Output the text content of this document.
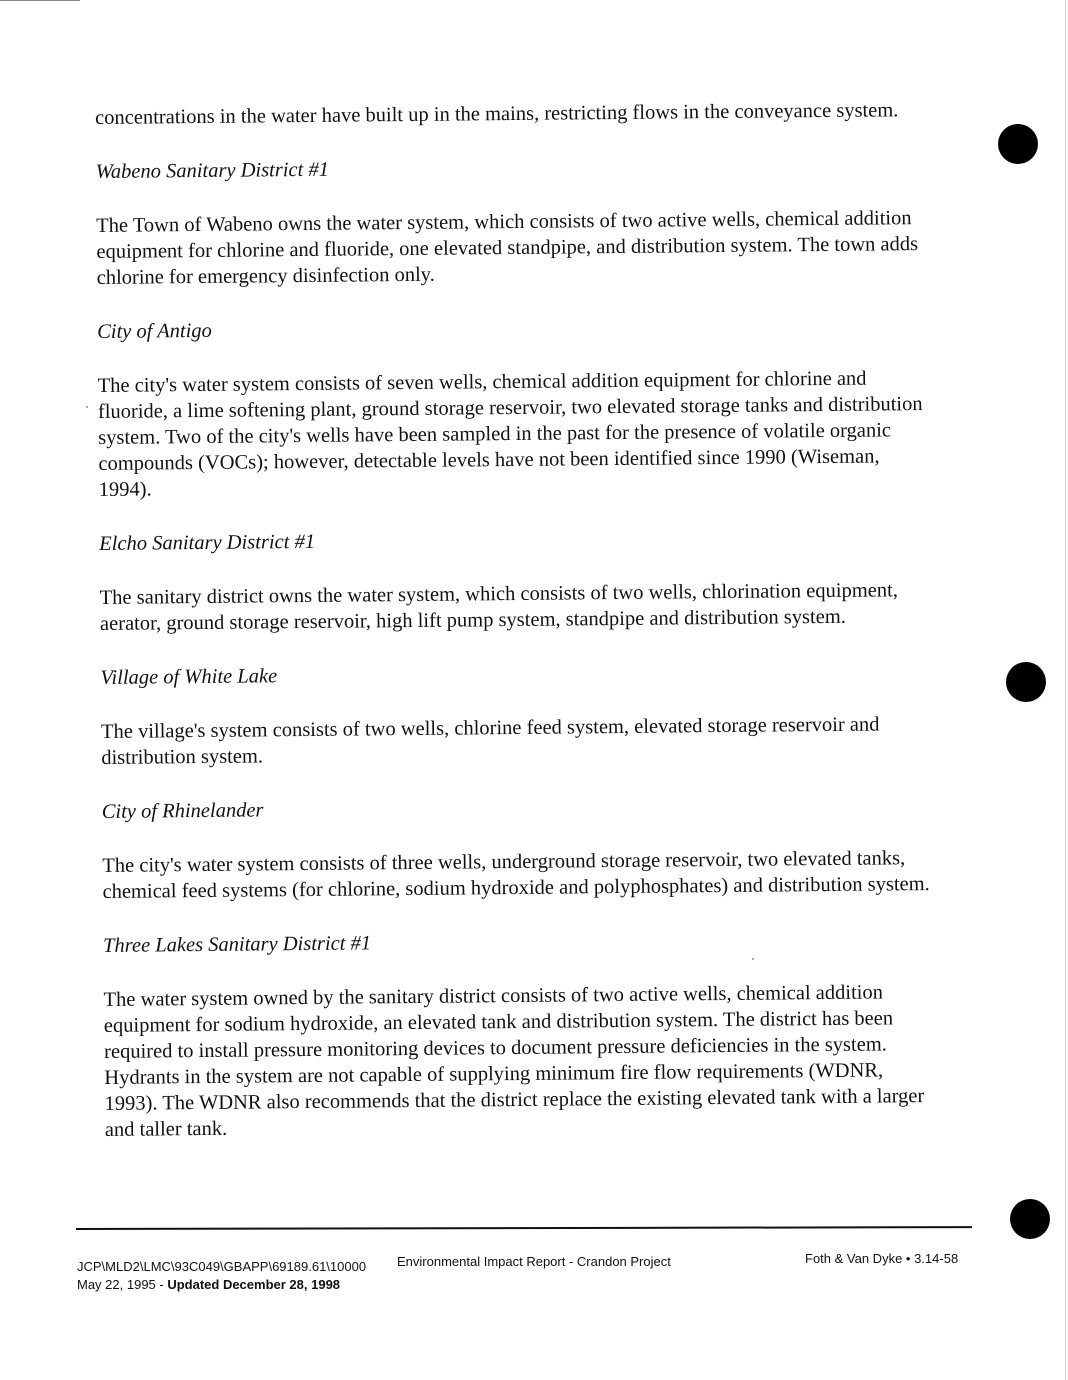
concentrations in the water have built up in the mains, restricting flows in the conveyance system.

Wabeno Sanitary District #1

The Town of Wabeno owns the water system, which consists of two active wells, chemical addition equipment for chlorine and fluoride, one elevated standpipe, and distribution system. The town adds chlorine for emergency disinfection only.

City of Antigo

The city's water system consists of seven wells, chemical addition equipment for chlorine and fluoride, a lime softening plant, ground storage reservoir, two elevated storage tanks and distribution system. Two of the city's wells have been sampled in the past for the presence of volatile organic compounds (VOCs); however, detectable levels have not been identified since 1990 (Wiseman, 1994).

Elcho Sanitary District #1

The sanitary district owns the water system, which consists of two wells, chlorination equipment, aerator, ground storage reservoir, high lift pump system, standpipe and distribution system.

Village of White Lake

The village's system consists of two wells, chlorine feed system, elevated storage reservoir and distribution system.

City of Rhinelander

The city's water system consists of three wells, underground storage reservoir, two elevated tanks, chemical feed systems (for chlorine, sodium hydroxide and polyphosphates) and distribution system.

Three Lakes Sanitary District #1

The water system owned by the sanitary district consists of two active wells, chemical addition equipment for sodium hydroxide, an elevated tank and distribution system. The district has been required to install pressure monitoring devices to document pressure deficiencies in the system. Hydrants in the system are not capable of supplying minimum fire flow requirements (WDNR, 1993). The WDNR also recommends that the district replace the existing elevated tank with a larger and taller tank.

JCP\MLD2\LMC\93C049\GBAPP\69189.61\10000
May 22, 1995 - Updated December 28, 1998
Environmental Impact Report - Crandon Project	Foth & Van Dyke • 3.14-58
